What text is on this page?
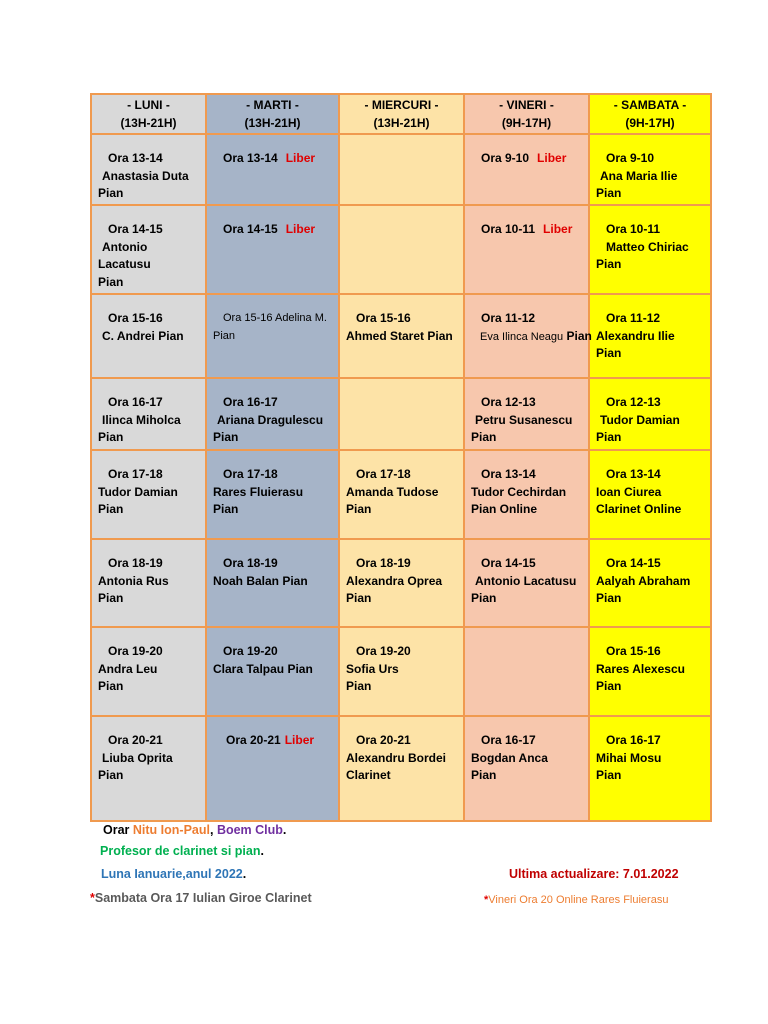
- LUNI -
(13H-21H)	- MARTI -
(13H-21H)	- MIERCURI -
(13H-21H)	- VINERI -
(9H-17H)	- SAMBATA -
(9H-17H)

Ora 13-14
Anastasia Duta
Pian	Ora 13-14 Liber		Ora 9-10 Liber	Ora 9-10
Ana Maria Ilie
Pian

Ora 14-15
Antonio
Lacatusu
Pian	Ora 14-15 Liber		Ora 10-11 Liber	Ora 10-11
Matteo Chiriac
Pian

Ora 15-16
C. Andrei Pian	Ora 15-16 Adelina M.
Pian	Ora 15-16
Ahmed Staret Pian	Ora 11-12
Eva Ilinca Neagu Pian	Ora 11-12
Alexandru Ilie
Pian

Ora 16-17
Ilinca Miholca
Pian	Ora 16-17
Ariana Dragulescu
Pian		Ora 12-13
Petru Susanescu
Pian	Ora 12-13
Tudor Damian
Pian

Ora 17-18
Tudor Damian
Pian	Ora 17-18
Rares Fluierasu
Pian	Ora 17-18
Amanda Tudose
Pian	Ora 13-14
Tudor Cechirdan
Pian Online	Ora 13-14
Ioan Ciurea
Clarinet Online

Ora 18-19
Antonia Rus
Pian	Ora 18-19
Noah Balan Pian	Ora 18-19
Alexandra Oprea
Pian	Ora 14-15
Antonio Lacatusu
Pian	Ora 14-15
Aalyah Abraham
Pian

Ora 19-20
Andra Leu
Pian	Ora 19-20
Clara Talpau Pian	Ora 19-20
Sofia Urs
Pian		Ora 15-16
Rares Alexescu
Pian

Ora 20-21
Liuba Oprita
Pian	Ora 20-21 Liber	Ora 20-21
Alexandru Bordei
Clarinet	Ora 16-17
Bogdan Anca
Pian	Ora 16-17
Mihai Mosu
Pian
Orar Nitu Ion-Paul, Boem Club.
Profesor de clarinet si pian.
Luna Ianuarie,anul 2022.	Ultima actualizare: 7.01.2022
*Sambata Ora 17 Iulian Giroe Clarinet	*Vineri Ora 20 Online Rares Fluierasu
